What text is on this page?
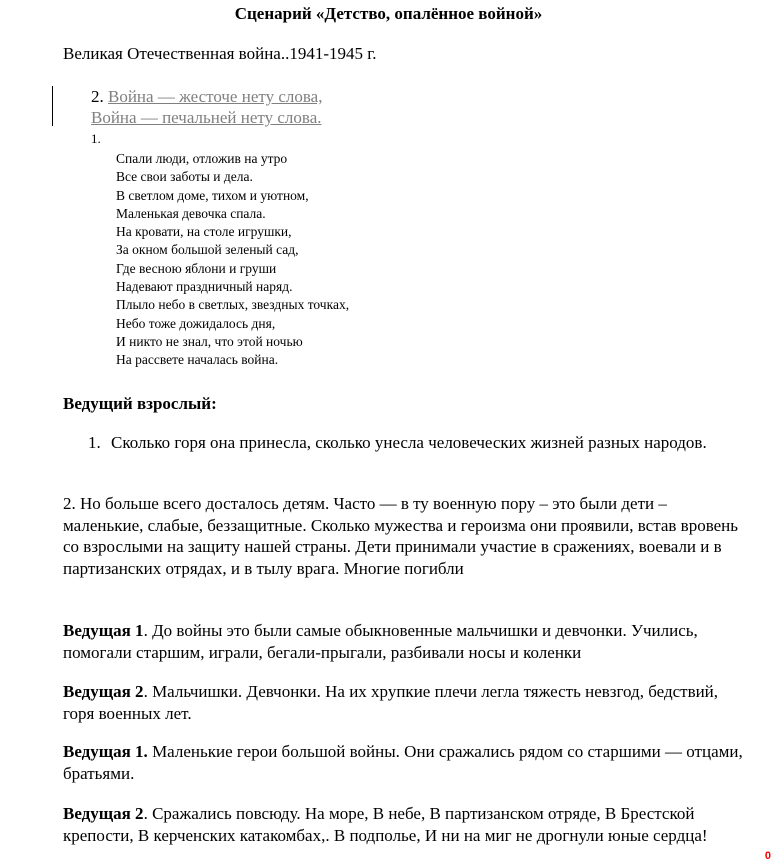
Сценарий «Детство, опалённое войной»
Великая Отечественная война..1941-1945 г.
2. Война — жесточе нету слова,
Война — печальней нету слова.
1.
Спали люди, отложив на утро
Все свои заботы и дела.
В светлом доме, тихом и уютном,
Маленькая девочка спала.
На кровати, на столе игрушки,
За окном большой зеленый сад,
Где весною яблони и груши
Надевают праздничный наряд.
Плыло небо в светлых, звездных точках,
Небо тоже дожидалось дня,
И никто не знал, что этой ночью
На рассвете началась война.
Ведущий взрослый:
1. Сколько горя она принесла, сколько унесла человеческих жизней разных народов.
2. Но больше всего досталось детям. Часто — в ту военную пору – это были дети – маленькие, слабые, беззащитные. Сколько мужества и героизма они проявили, встав вровень со взрослыми на защиту нашей страны. Дети принимали участие в сражениях, воевали и в партизанских отрядах, и в тылу врага. Многие погибли
Ведущая 1. До войны это были самые обыкновенные мальчишки и девчонки. Учились, помогали старшим, играли, бегали-прыгали, разбивали носы и коленки
Ведущая 2. Мальчишки. Девчонки. На их хрупкие плечи легла тяжесть невзгод, бедствий, горя военных лет.
Ведущая 1. Маленькие герои большой войны. Они сражались рядом со старшими — отцами, братьями.
Ведущая 2. Сражались повсюду. На море, В небе, В партизанском отряде, В Брестской крепости, В керченских катакомбах,. В подполье, И ни на миг не дрогнули юные сердца!
0
